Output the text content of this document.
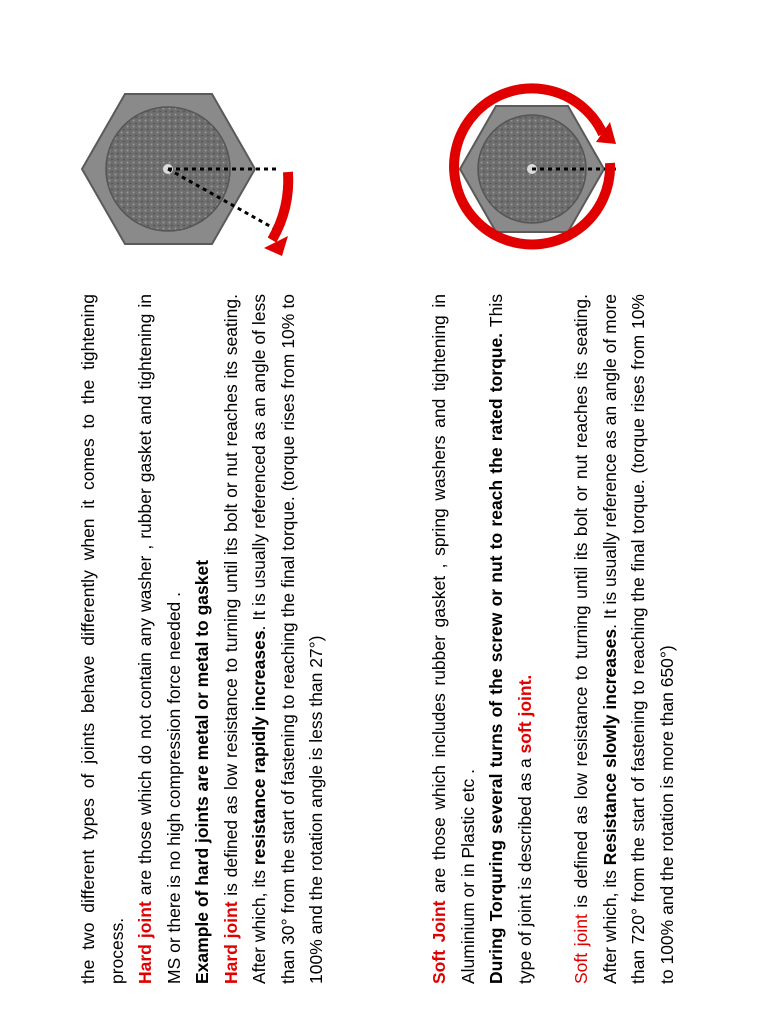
the two different types of joints behave differently when it comes to the tightening process. Hard joint are those which do not contain any washer , rubber gasket and tightening in MS or there is no high compression force needed . Example of hard joints are metal or metal to gasket Hard joint is defined as low resistance to turning until its bolt or nut reaches its seating. After which, its resistance rapidly increases. It is usually referenced as an angle of less than 30° from the start of fastening to reaching the final torque. (torque rises from 10% to 100% and the rotation angle is less than 27°)	Soft Joint are those which includes rubber gasket , spring washers and tightening in Aluminium or in Plastic etc . During Torquring several turns of the screw or nut to reach the rated torque. This type of joint is described as a soft joint.

Soft joint is defined as low resistance to turning until its bolt or nut reaches its seating. After which, its Resistance slowly increases. It is usually reference as an angle of more than 720° from the start of fastening to reaching the final torque. (torque rises from 10% to 100% and the rotation is more than 650°)
